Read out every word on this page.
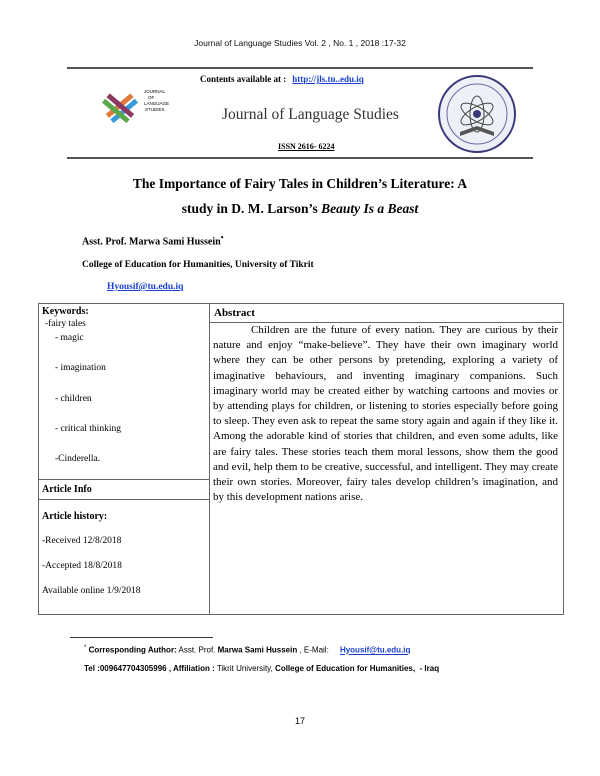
Journal of Language Studies Vol. 2 , No. 1 , 2018 :17-32
JOURNAL
OF
LANGUAGE
STUDIES
Contents available at : http://jls.tu..edu.iq
Journal of Language Studies
ISSN 2616- 6224
The Importance of Fairy Tales in Children’s Literature: A
study in D. M. Larson’s Beauty Is a Beast
Asst. Prof. Marwa Sami Hussein•
College of Education for Humanities, University of Tikrit
Hyousif@tu.edu.iq
Keywords:
-fairy tales
- magic
- imagination
- children
- critical thinking
-Cinderella.
Article Info
Article history:
-Received 12/8/2018
-Accepted 18/8/2018
Available online 1/9/2018
Abstract
Children are the future of every nation. They are curious by their nature and enjoy “make-believe”. They have their own imaginary world where they can be other persons by pretending, exploring a variety of imaginative behaviours, and inventing imaginary companions. Such imaginary world may be created either by watching cartoons and movies or by attending plays for children, or listening to stories especially before going to sleep. They even ask to repeat the same story again and again if they like it. Among the adorable kind of stories that children, and even some adults, like are fairy tales. These stories teach them moral lessons, show them the good and evil, help them to be creative, successful, and intelligent. They may create their own stories. Moreover, fairy tales develop children’s imagination, and by this development nations arise.
* Corresponding Author: Asst. Prof. Marwa Sami Hussein , E-Mail: Hyousif@tu.edu.iq
Tel :009647704305996 , Affiliation : Tikrit University, College of Education for Humanities, - Iraq
17
